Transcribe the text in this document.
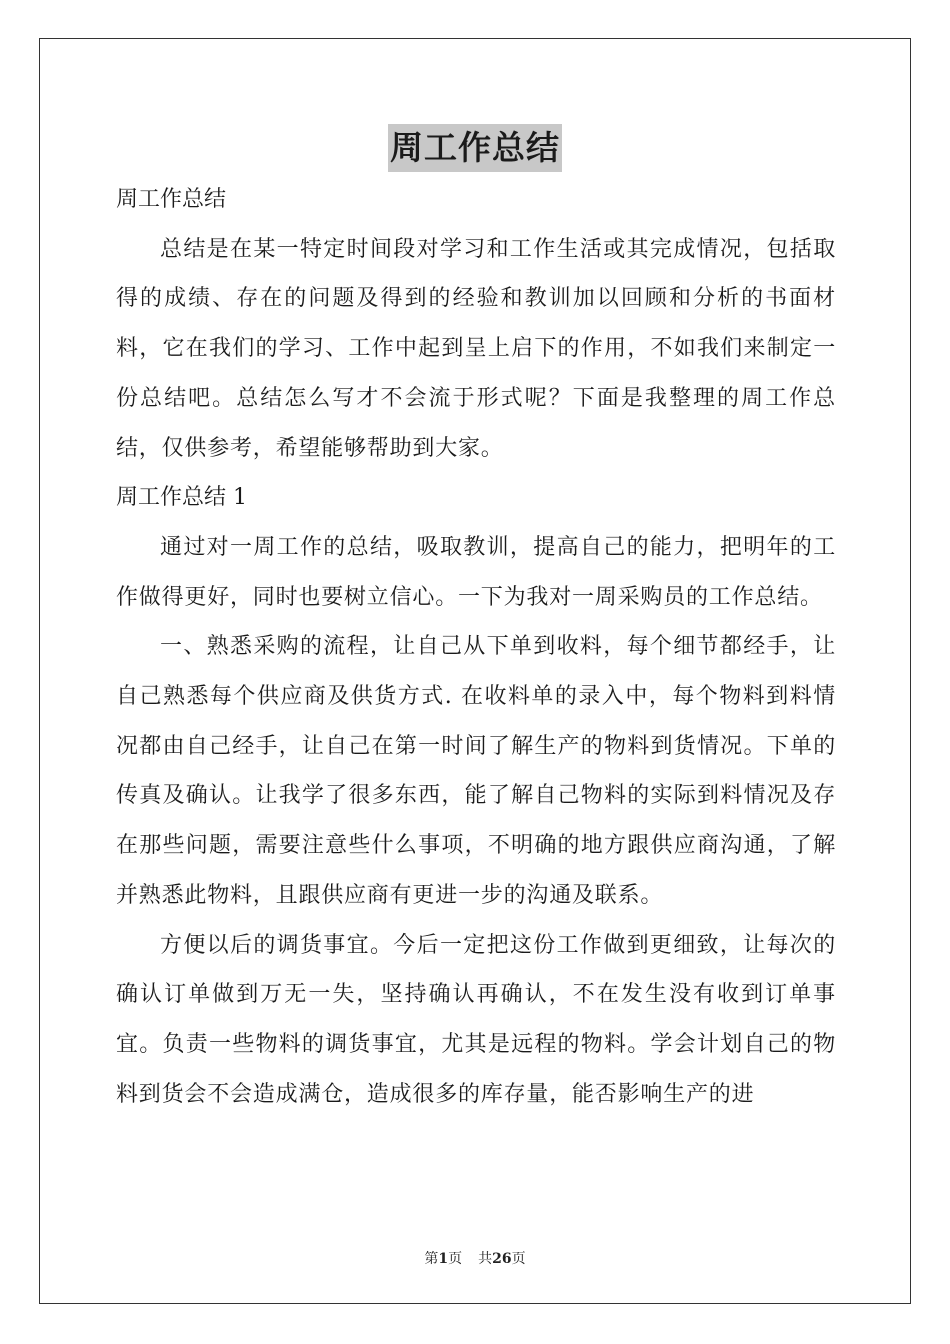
周工作总结

周工作总结

总结是在某一特定时间段对学习和工作生活或其完成情况，包括取得的成绩、存在的问题及得到的经验和教训加以回顾和分析的书面材料，它在我们的学习、工作中起到呈上启下的作用，不如我们来制定一份总结吧。总结怎么写才不会流于形式呢？下面是我整理的周工作总结，仅供参考，希望能够帮助到大家。

周工作总结 1

通过对一周工作的总结，吸取教训，提高自己的能力，把明年的工作做得更好，同时也要树立信心。一下为我对一周采购员的工作总结。

一、熟悉采购的流程，让自己从下单到收料，每个细节都经手，让自己熟悉每个供应商及供货方式. 在收料单的录入中，每个物料到料情况都由自己经手，让自己在第一时间了解生产的物料到货情况。下单的传真及确认。让我学了很多东西，能了解自己物料的实际到料情况及存在那些问题，需要注意些什么事项，不明确的地方跟供应商沟通，了解并熟悉此物料，且跟供应商有更进一步的沟通及联系。

方便以后的调货事宜。今后一定把这份工作做到更细致，让每次的确认订单做到万无一失，坚持确认再确认，不在发生没有收到订单事宜。负责一些物料的调货事宜，尤其是远程的物料。学会计划自己的物料到货会不会造成满仓，造成很多的库存量，能否影响生产的进

第1页 共26页
